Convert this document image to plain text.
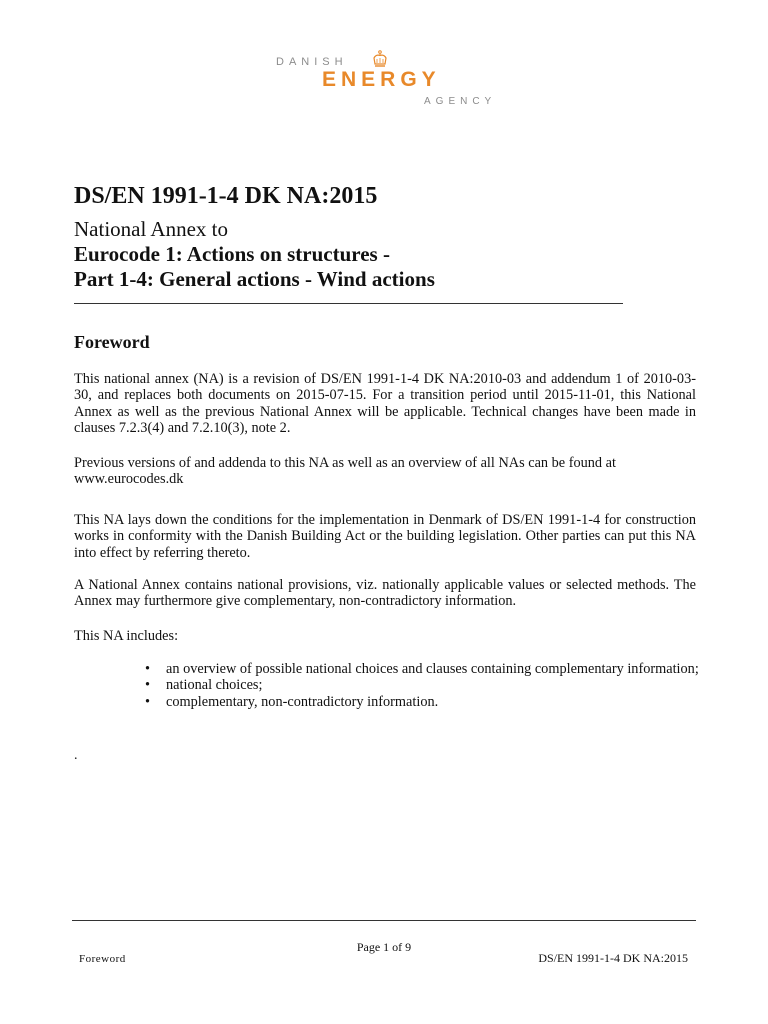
DANISH
ENERGY
AGENCY
DS/EN 1991-1-4 DK NA:2015
National Annex to
Eurocode 1: Actions on structures -
Part 1-4: General actions - Wind actions
Foreword

This national annex (NA) is a revision of DS/EN 1991-1-4 DK NA:2010-03 and addendum 1 of 2010-03-30, and replaces both documents on 2015-07-15. For a transition period until 2015-11-01, this National Annex as well as the previous National Annex will be applicable. Technical changes have been made in clauses 7.2.3(4) and 7.2.10(3), note 2.

Previous versions of and addenda to this NA as well as an overview of all NAs can be found at www.eurocodes.dk

This NA lays down the conditions for the implementation in Denmark of DS/EN 1991-1-4 for construction works in conformity with the Danish Building Act or the building legislation. Other parties can put this NA into effect by referring thereto.

A National Annex contains national provisions, viz. nationally applicable values or selected methods. The Annex may furthermore give complementary, non-contradictory information.

This NA includes:

• an overview of possible national choices and clauses containing complementary information;
• national choices;
• complementary, non-contradictory information.
.
Page 1 of 9
Foreword	DS/EN 1991-1-4 DK NA:2015
